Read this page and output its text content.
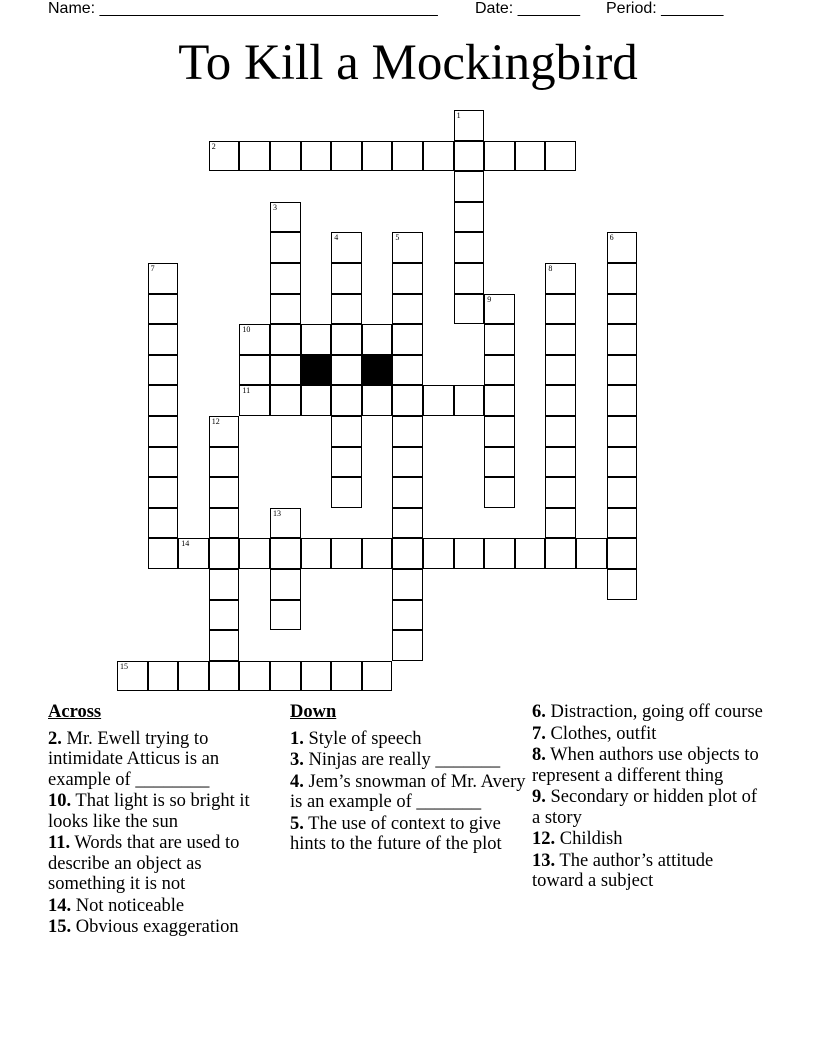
Name: ______________________________________

Date: _______

Period: _______

To Kill a Mockingbird
1
2
3
4	5	6
7	8
9
10
11
12
13
14
15
Across
2. Mr. Ewell trying to intimidate Atticus is an example of ________
10. That light is so bright it looks like the sun
11. Words that are used to describe an object as something it is not
14. Not noticeable
15. Obvious exaggeration
Down
1. Style of speech
3. Ninjas are really _______
4. Jem’s snowman of Mr. Avery is an example of _______
5. The use of context to give hints to the future of the plot
6. Distraction, going off course
7. Clothes, outfit
8. When authors use objects to represent a different thing
9. Secondary or hidden plot of a story
12. Childish
13. The author’s attitude toward a subject
